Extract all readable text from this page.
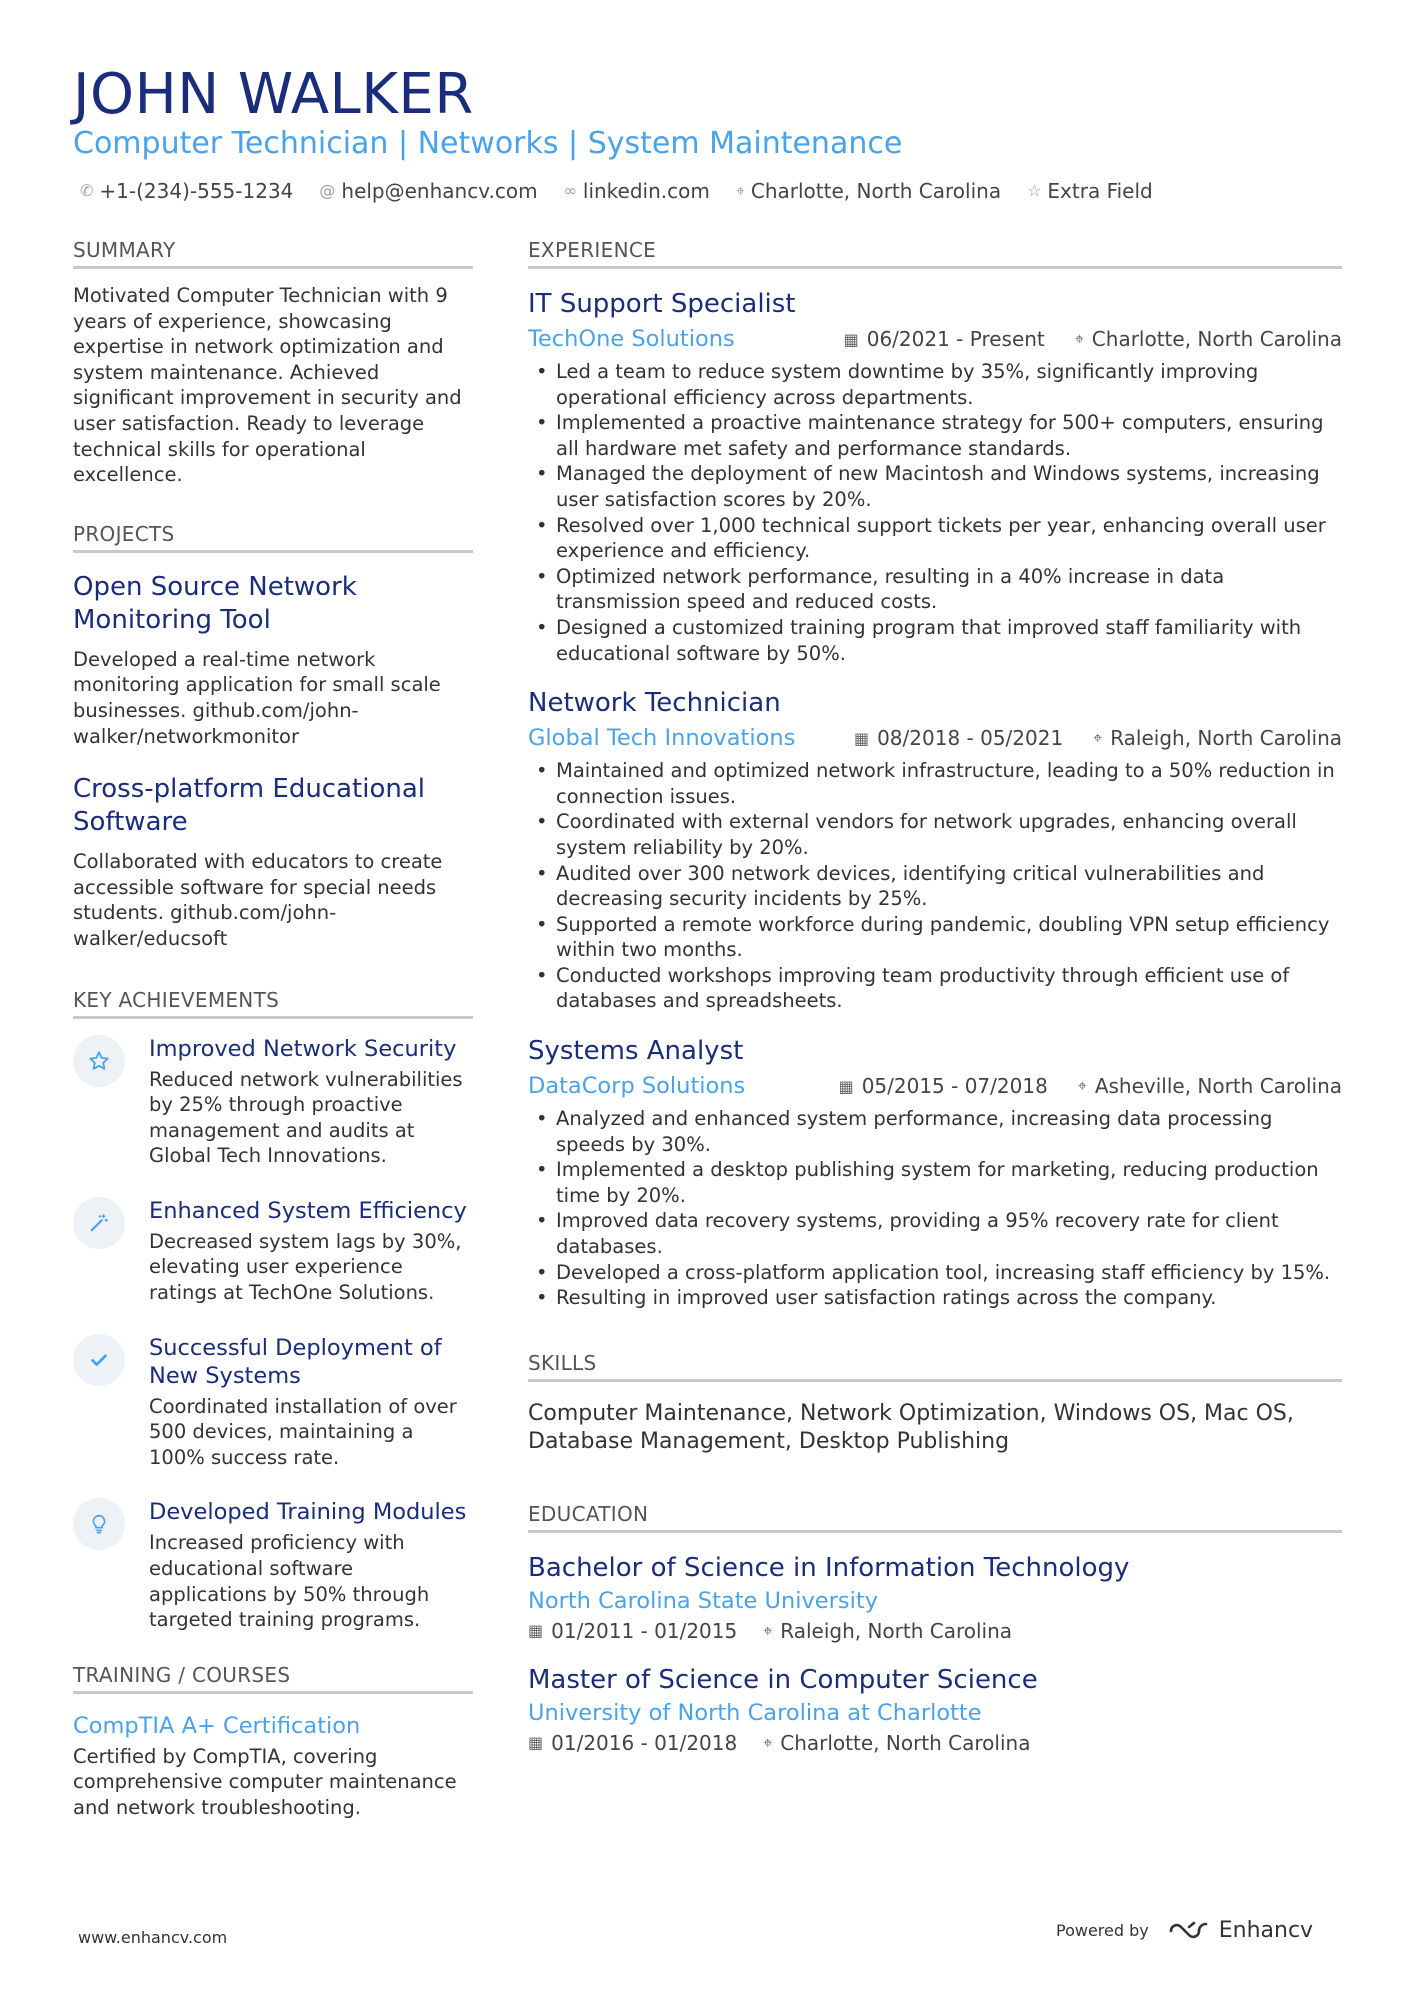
JOHN WALKER
Computer Technician | Networks | System Maintenance
✆ +1-(234)-555-1234 @ help@enhancv.com ∞ linkedin.com ⌖ Charlotte, North Carolina ☆ Extra Field
SUMMARY
Motivated Computer Technician with 9 years of experience, showcasing expertise in network optimization and system maintenance. Achieved significant improvement in security and user satisfaction. Ready to leverage technical skills for operational excellence.
PROJECTS
Open Source Network Monitoring Tool
Developed a real-time network monitoring application for small scale businesses. github.com/john-walker/networkmonitor
Cross-platform Educational Software
Collaborated with educators to create accessible software for special needs students. github.com/john-walker/educsoft
KEY ACHIEVEMENTS
Improved Network Security
Reduced network vulnerabilities by 25% through proactive management and audits at Global Tech Innovations.
Enhanced System Efficiency
Decreased system lags by 30%, elevating user experience ratings at TechOne Solutions.
Successful Deployment of New Systems
Coordinated installation of over 500 devices, maintaining a 100% success rate.
Developed Training Modules
Increased proficiency with educational software applications by 50% through targeted training programs.
TRAINING / COURSES
CompTIA A+ Certification
Certified by CompTIA, covering comprehensive computer maintenance and network troubleshooting.
EXPERIENCE
IT Support Specialist
TechOne Solutions	▦ 06/2021 - Present ⌖ Charlotte, North Carolina
• Led a team to reduce system downtime by 35%, significantly improving operational efficiency across departments.
• Implemented a proactive maintenance strategy for 500+ computers, ensuring all hardware met safety and performance standards.
• Managed the deployment of new Macintosh and Windows systems, increasing user satisfaction scores by 20%.
• Resolved over 1,000 technical support tickets per year, enhancing overall user experience and efficiency.
• Optimized network performance, resulting in a 40% increase in data transmission speed and reduced costs.
• Designed a customized training program that improved staff familiarity with educational software by 50%.
Network Technician
Global Tech Innovations	▦ 08/2018 - 05/2021 ⌖ Raleigh, North Carolina
• Maintained and optimized network infrastructure, leading to a 50% reduction in connection issues.
• Coordinated with external vendors for network upgrades, enhancing overall system reliability by 20%.
• Audited over 300 network devices, identifying critical vulnerabilities and decreasing security incidents by 25%.
• Supported a remote workforce during pandemic, doubling VPN setup efficiency within two months.
• Conducted workshops improving team productivity through efficient use of databases and spreadsheets.
Systems Analyst
DataCorp Solutions	▦ 05/2015 - 07/2018 ⌖ Asheville, North Carolina
• Analyzed and enhanced system performance, increasing data processing speeds by 30%.
• Implemented a desktop publishing system for marketing, reducing production time by 20%.
• Improved data recovery systems, providing a 95% recovery rate for client databases.
• Developed a cross-platform application tool, increasing staff efficiency by 15%.
• Resulting in improved user satisfaction ratings across the company.
SKILLS
Computer Maintenance, Network Optimization, Windows OS, Mac OS, Database Management, Desktop Publishing
EDUCATION
Bachelor of Science in Information Technology
North Carolina State University
▦ 01/2011 - 01/2015 ⌖ Raleigh, North Carolina
Master of Science in Computer Science
University of North Carolina at Charlotte
▦ 01/2016 - 01/2018 ⌖ Charlotte, North Carolina
www.enhancv.com	Powered by	Enhancv
